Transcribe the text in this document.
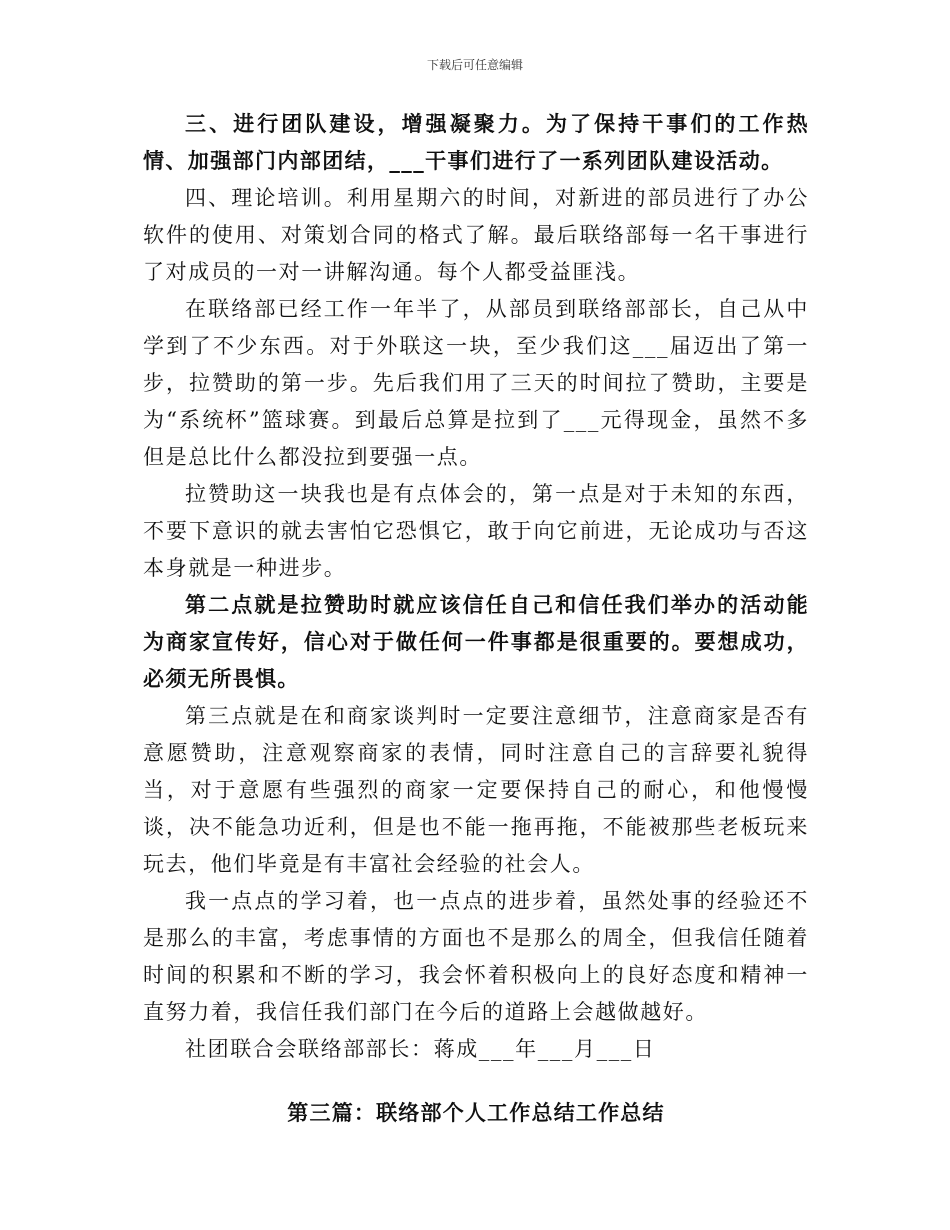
下载后可任意编辑

三、进行团队建设，增强凝聚力。为了保持干事们的工作热情、加强部门内部团结，___干事们进行了一系列团队建设活动。

四、理论培训。利用星期六的时间，对新进的部员进行了办公软件的使用、对策划合同的格式了解。最后联络部每一名干事进行了对成员的一对一讲解沟通。每个人都受益匪浅。

在联络部已经工作一年半了，从部员到联络部部长，自己从中学到了不少东西。对于外联这一块，至少我们这___届迈出了第一步，拉赞助的第一步。先后我们用了三天的时间拉了赞助，主要是为“系统杯”篮球赛。到最后总算是拉到了___元得现金，虽然不多但是总比什么都没拉到要强一点。

拉赞助这一块我也是有点体会的，第一点是对于未知的东西，不要下意识的就去害怕它恐惧它，敢于向它前进，无论成功与否这本身就是一种进步。

第二点就是拉赞助时就应该信任自己和信任我们举办的活动能为商家宣传好，信心对于做任何一件事都是很重要的。要想成功，必须无所畏惧。

第三点就是在和商家谈判时一定要注意细节，注意商家是否有意愿赞助，注意观察商家的表情，同时注意自己的言辞要礼貌得当，对于意愿有些强烈的商家一定要保持自己的耐心，和他慢慢谈，决不能急功近利，但是也不能一拖再拖，不能被那些老板玩来玩去，他们毕竟是有丰富社会经验的社会人。

我一点点的学习着，也一点点的进步着，虽然处事的经验还不是那么的丰富，考虑事情的方面也不是那么的周全，但我信任随着时间的积累和不断的学习，我会怀着积极向上的良好态度和精神一直努力着，我信任我们部门在今后的道路上会越做越好。

社团联合会联络部部长：蒋成___年___月___日

第三篇：联络部个人工作总结工作总结
